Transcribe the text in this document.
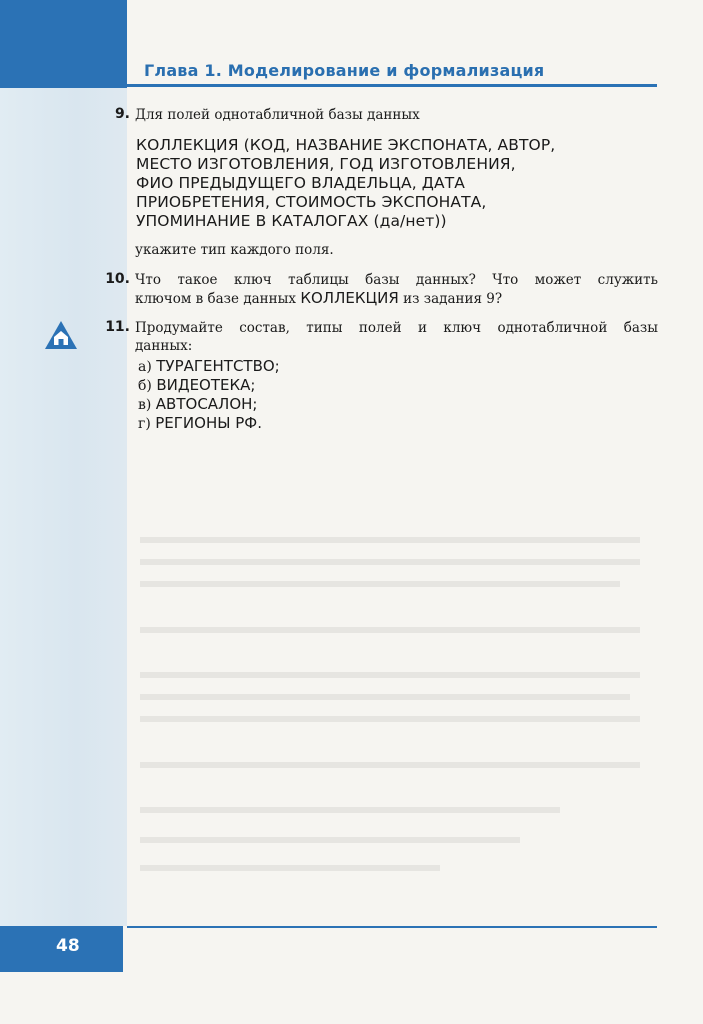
Глава 1. Моделирование и формализация
9. Для полей однотабличной базы данных
КОЛЛЕКЦИЯ (КОД, НАЗВАНИЕ ЭКСПОНАТА, АВТОР,
МЕСТО ИЗГОТОВЛЕНИЯ, ГОД ИЗГОТОВЛЕНИЯ,
ФИО ПРЕДЫДУЩЕГО ВЛАДЕЛЬЦА, ДАТА
ПРИОБРЕТЕНИЯ, СТОИМОСТЬ ЭКСПОНАТА,
УПОМИНАНИЕ В КАТАЛОГАХ (да/нет))
укажите тип каждого поля.
10. Что такое ключ таблицы базы данных? Что может служить
ключом в базе данных КОЛЛЕКЦИЯ из задания 9?
11. Продумайте состав, типы полей и ключ однотабличной базы
данных:
а) ТУРАГЕНТСТВО;
б) ВИДЕОТЕКА;
в) АВТОСАЛОН;
г) РЕГИОНЫ РФ.
48
